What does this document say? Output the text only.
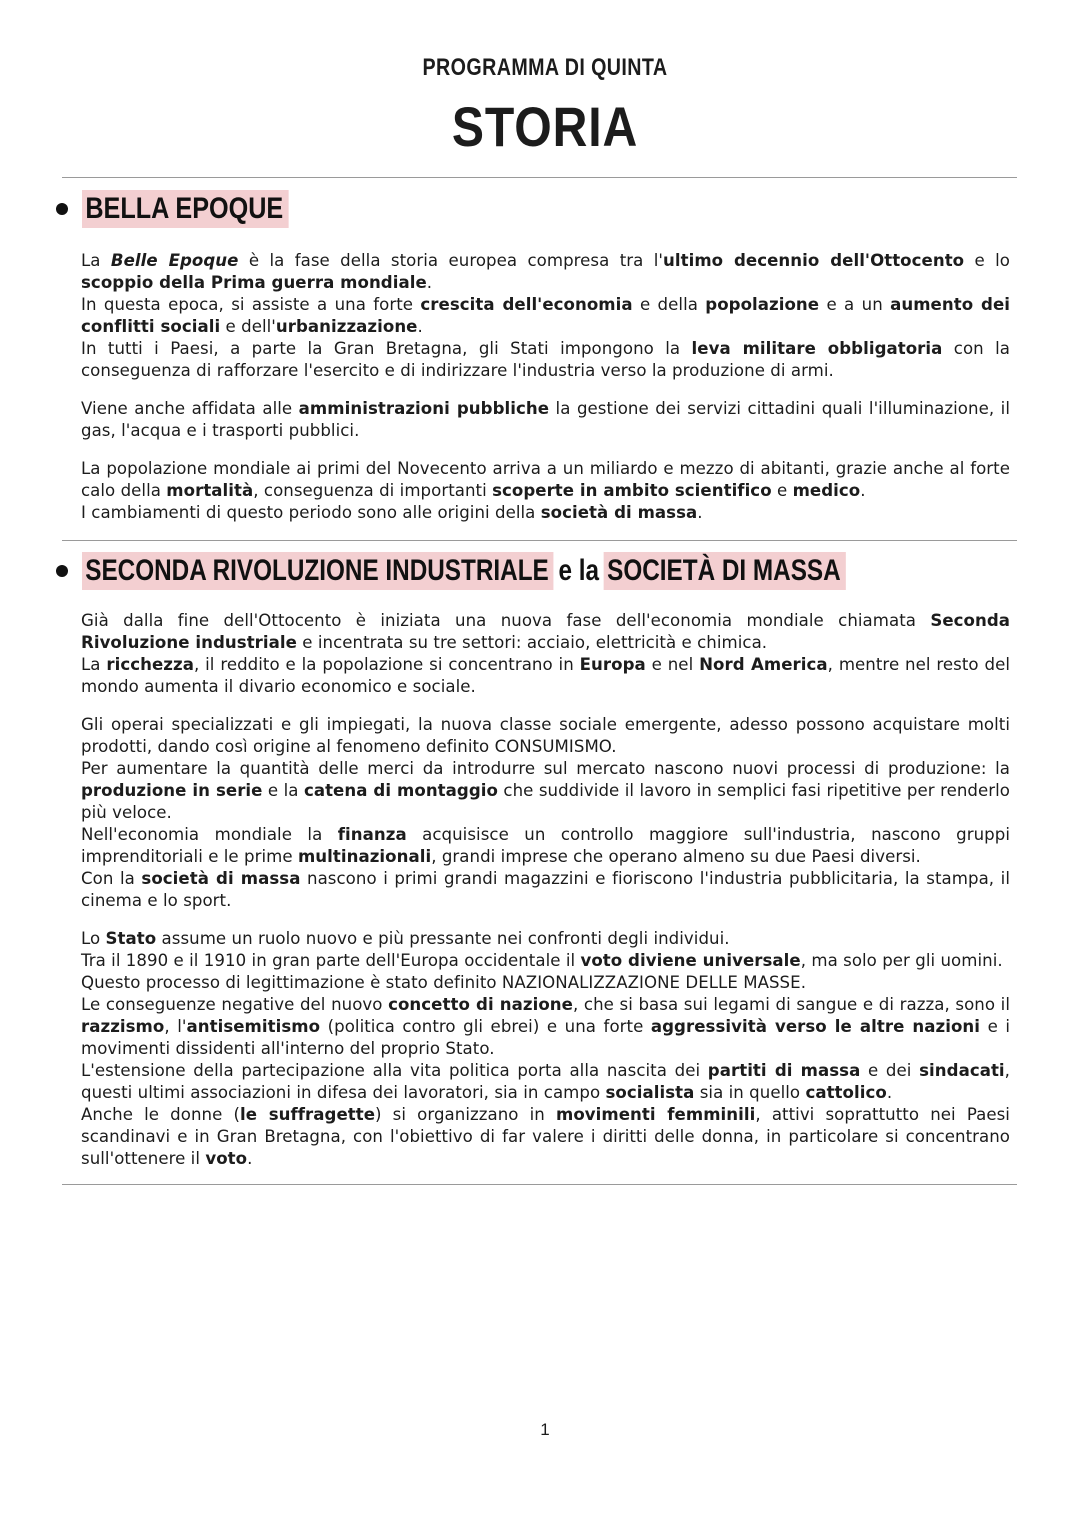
PROGRAMMA DI QUINTA
STORIA
BELLA EPOQUE

La Belle Epoque è la fase della storia europea compresa tra l'ultimo decennio dell'Ottocento e lo scoppio della Prima guerra mondiale.
In questa epoca, si assiste a una forte crescita dell'economia e della popolazione e a un aumento dei conflitti sociali e dell'urbanizzazione.
In tutti i Paesi, a parte la Gran Bretagna, gli Stati impongono la leva militare obbligatoria con la conseguenza di rafforzare l'esercito e di indirizzare l'industria verso la produzione di armi.

Viene anche affidata alle amministrazioni pubbliche la gestione dei servizi cittadini quali l'illuminazione, il gas, l'acqua e i trasporti pubblici.

La popolazione mondiale ai primi del Novecento arriva a un miliardo e mezzo di abitanti, grazie anche al forte calo della mortalità, conseguenza di importanti scoperte in ambito scientifico e medico.
I cambiamenti di questo periodo sono alle origini della società di massa.

SECONDA RIVOLUZIONE INDUSTRIALE e la SOCIETÀ DI MASSA

Già dalla fine dell'Ottocento è iniziata una nuova fase dell'economia mondiale chiamata Seconda Rivoluzione industriale e incentrata su tre settori: acciaio, elettricità e chimica.
La ricchezza, il reddito e la popolazione si concentrano in Europa e nel Nord America, mentre nel resto del mondo aumenta il divario economico e sociale.

Gli operai specializzati e gli impiegati, la nuova classe sociale emergente, adesso possono acquistare molti prodotti, dando così origine al fenomeno definito CONSUMISMO.
Per aumentare la quantità delle merci da introdurre sul mercato nascono nuovi processi di produzione: la produzione in serie e la catena di montaggio che suddivide il lavoro in semplici fasi ripetitive per renderlo più veloce.
Nell'economia mondiale la finanza acquisisce un controllo maggiore sull'industria, nascono gruppi imprenditoriali e le prime multinazionali, grandi imprese che operano almeno su due Paesi diversi.
Con la società di massa nascono i primi grandi magazzini e fioriscono l'industria pubblicitaria, la stampa, il cinema e lo sport.

Lo Stato assume un ruolo nuovo e più pressante nei confronti degli individui.
Tra il 1890 e il 1910 in gran parte dell'Europa occidentale il voto diviene universale, ma solo per gli uomini.
Questo processo di legittimazione è stato definito NAZIONALIZZAZIONE DELLE MASSE.
Le conseguenze negative del nuovo concetto di nazione, che si basa sui legami di sangue e di razza, sono il razzismo, l'antisemitismo (politica contro gli ebrei) e una forte aggressività verso le altre nazioni e i movimenti dissidenti all'interno del proprio Stato.
L'estensione della partecipazione alla vita politica porta alla nascita dei partiti di massa e dei sindacati, questi ultimi associazioni in difesa dei lavoratori, sia in campo socialista sia in quello cattolico.
Anche le donne (le suffragette) si organizzano in movimenti femminili, attivi soprattutto nei Paesi scandinavi e in Gran Bretagna, con l'obiettivo di far valere i diritti delle donna, in particolare si concentrano sull'ottenere il voto.

1
